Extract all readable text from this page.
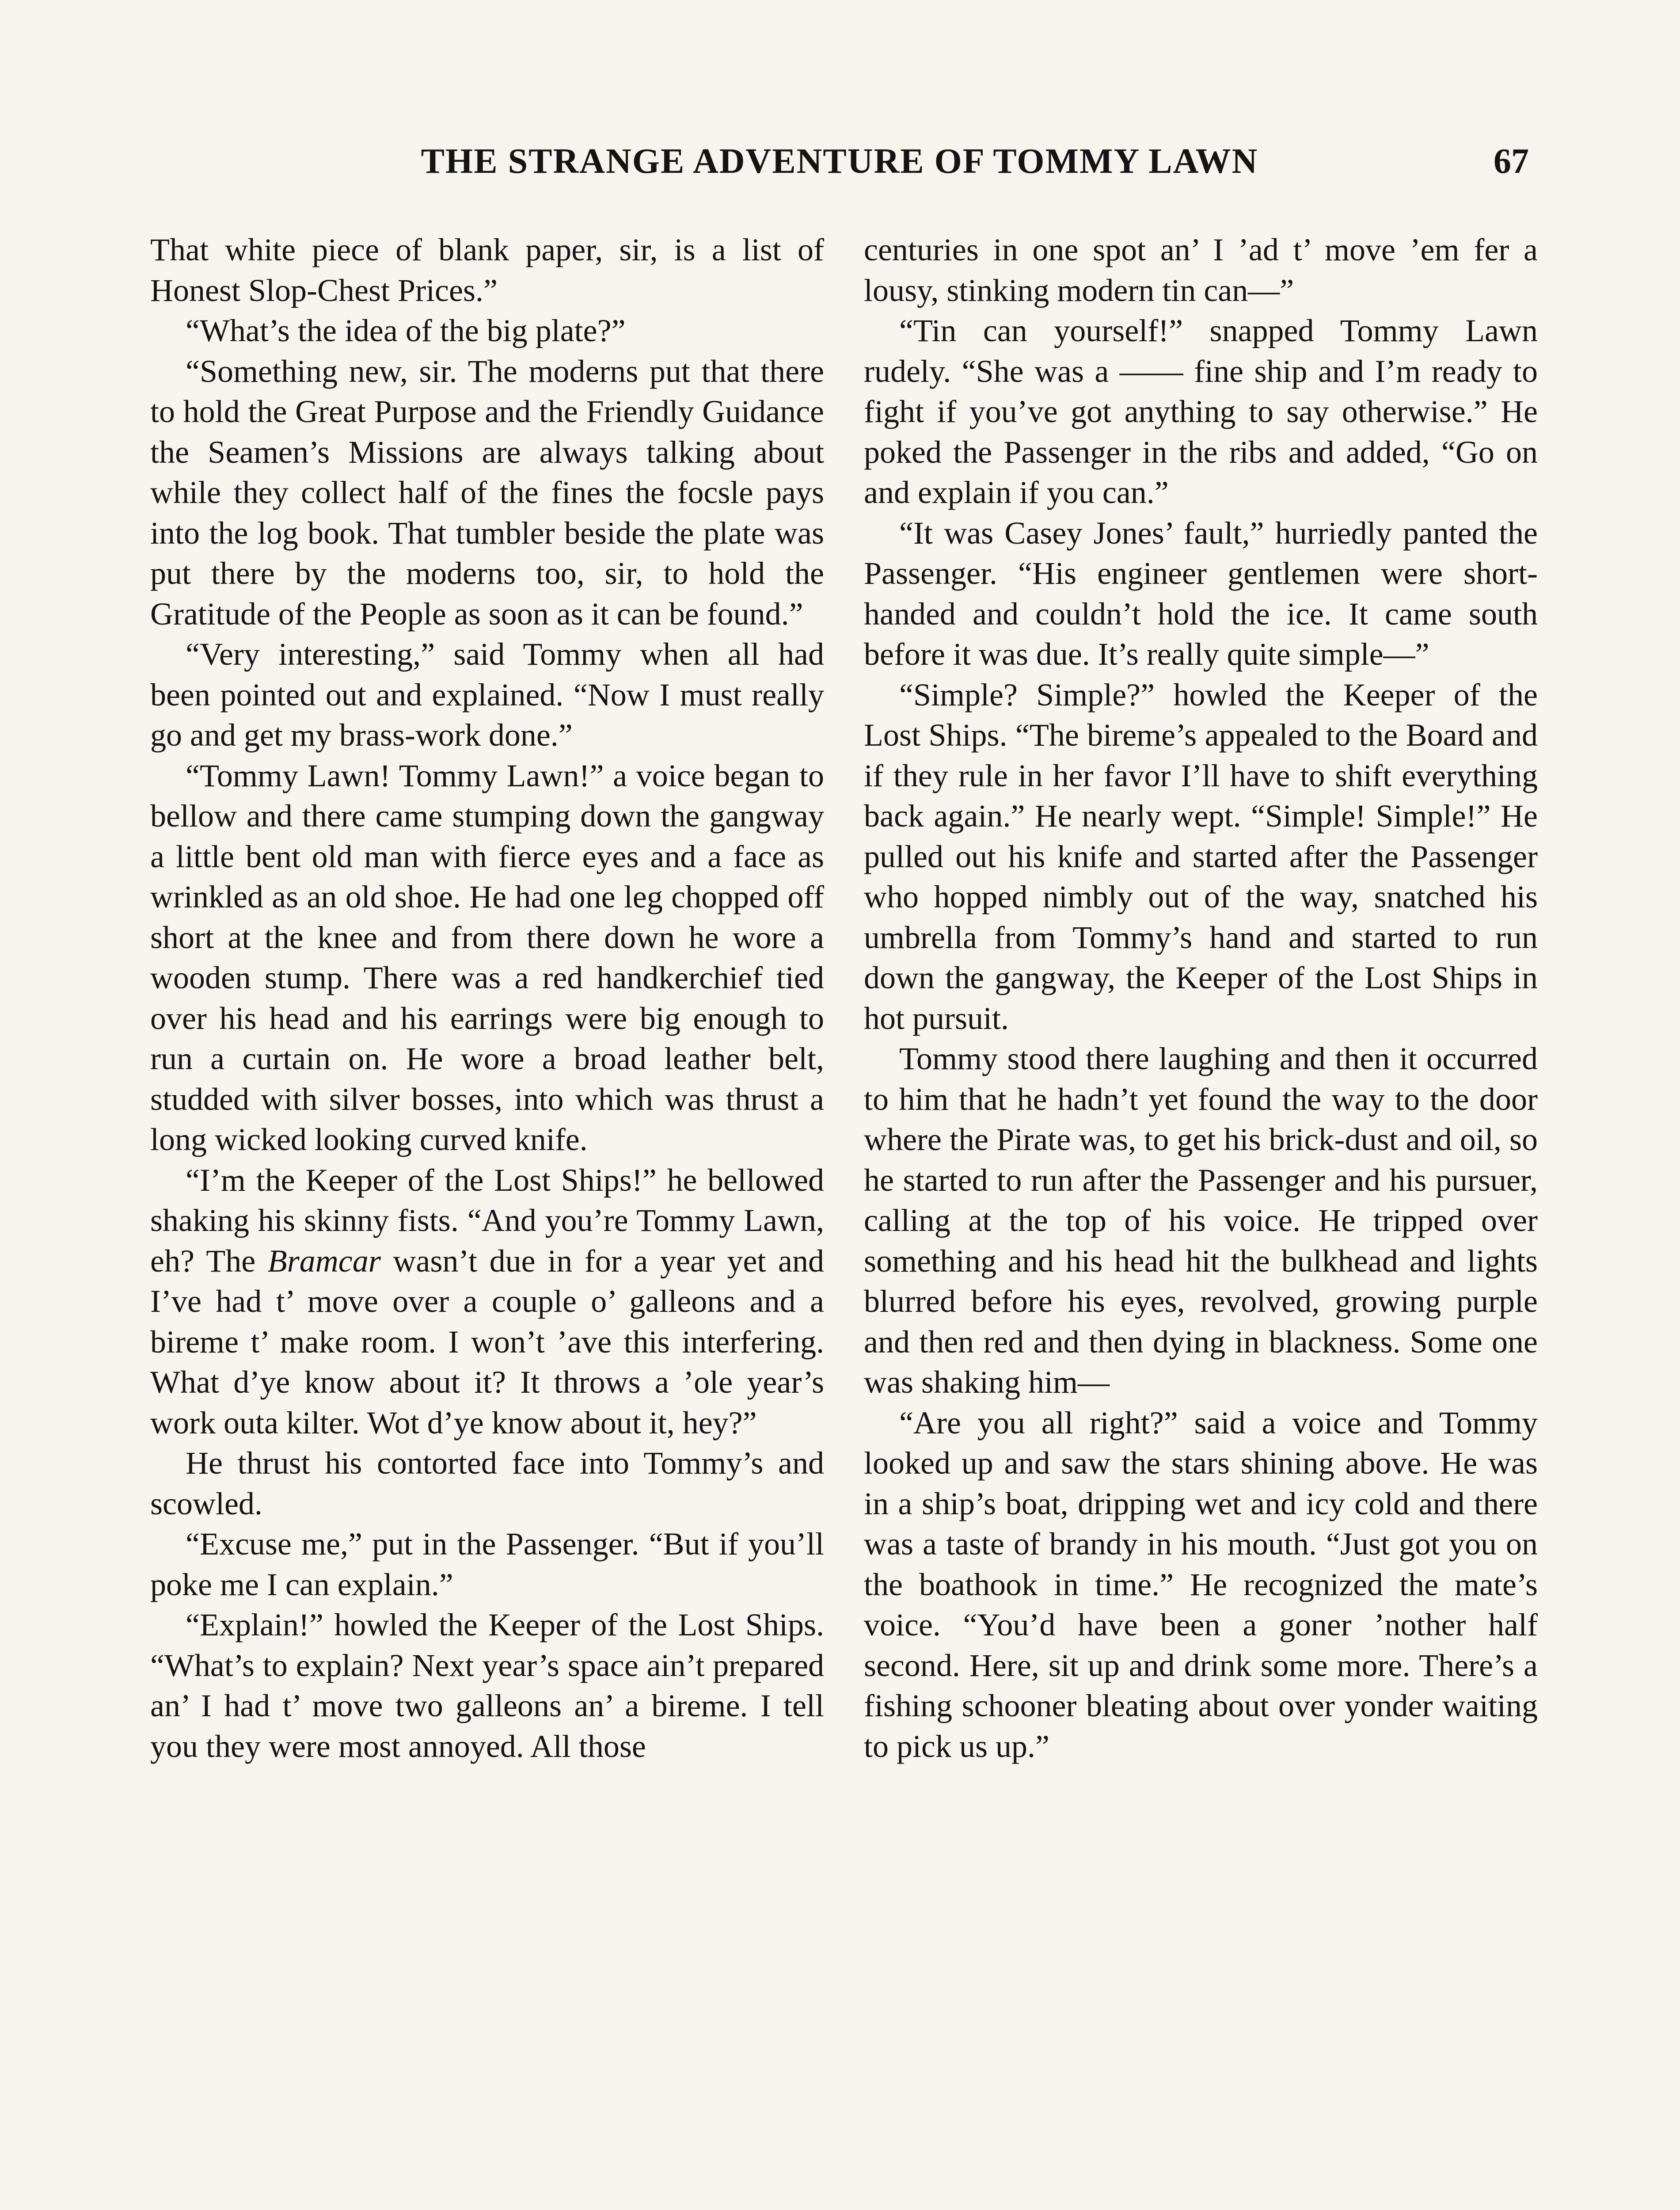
THE STRANGE ADVENTURE OF TOMMY LAWN	67

That white piece of blank paper, sir, is a list of Honest Slop-Chest Prices.”

“What’s the idea of the big plate?”

“Something new, sir. The moderns put that there to hold the Great Purpose and the Friendly Guidance the Seamen’s Missions are always talking about while they collect half of the fines the focsle pays into the log book. That tumbler beside the plate was put there by the moderns too, sir, to hold the Gratitude of the People as soon as it can be found.”

“Very interesting,” said Tommy when all had been pointed out and explained. “Now I must really go and get my brass-work done.”

“Tommy Lawn! Tommy Lawn!” a voice began to bellow and there came stumping down the gangway a little bent old man with fierce eyes and a face as wrinkled as an old shoe. He had one leg chopped off short at the knee and from there down he wore a wooden stump. There was a red handkerchief tied over his head and his earrings were big enough to run a curtain on. He wore a broad leather belt, studded with silver bosses, into which was thrust a long wicked looking curved knife.

“I’m the Keeper of the Lost Ships!” he bellowed shaking his skinny fists. “And you’re Tommy Lawn, eh? The Bramcar wasn’t due in for a year yet and I’ve had t’ move over a couple o’ galleons and a bireme t’ make room. I won’t ’ave this interfering. What d’ye know about it? It throws a ’ole year’s work outa kilter. Wot d’ye know about it, hey?”

He thrust his contorted face into Tommy’s and scowled.

“Excuse me,” put in the Passenger. “But if you’ll poke me I can explain.”

“Explain!” howled the Keeper of the Lost Ships. “What’s to explain? Next year’s space ain’t prepared an’ I had t’ move two galleons an’ a bireme. I tell you they were most annoyed. All those

centuries in one spot an’ I ’ad t’ move ’em fer a lousy, stinking modern tin can—”

“Tin can yourself!” snapped Tommy Lawn rudely. “She was a —— fine ship and I’m ready to fight if you’ve got anything to say otherwise.” He poked the Passenger in the ribs and added, “Go on and explain if you can.”

“It was Casey Jones’ fault,” hurriedly panted the Passenger. “His engineer gentlemen were short-handed and couldn’t hold the ice. It came south before it was due. It’s really quite simple—”

“Simple? Simple?” howled the Keeper of the Lost Ships. “The bireme’s appealed to the Board and if they rule in her favor I’ll have to shift everything back again.” He nearly wept. “Simple! Simple!” He pulled out his knife and started after the Passenger who hopped nimbly out of the way, snatched his umbrella from Tommy’s hand and started to run down the gangway, the Keeper of the Lost Ships in hot pursuit.

Tommy stood there laughing and then it occurred to him that he hadn’t yet found the way to the door where the Pirate was, to get his brick-dust and oil, so he started to run after the Passenger and his pursuer, calling at the top of his voice. He tripped over something and his head hit the bulkhead and lights blurred before his eyes, revolved, growing purple and then red and then dying in blackness. Some one was shaking him—

“Are you all right?” said a voice and Tommy looked up and saw the stars shining above. He was in a ship’s boat, dripping wet and icy cold and there was a taste of brandy in his mouth. “Just got you on the boathook in time.” He recognized the mate’s voice. “You’d have been a goner ’nother half second. Here, sit up and drink some more. There’s a fishing schooner bleating about over yonder waiting to pick us up.”
